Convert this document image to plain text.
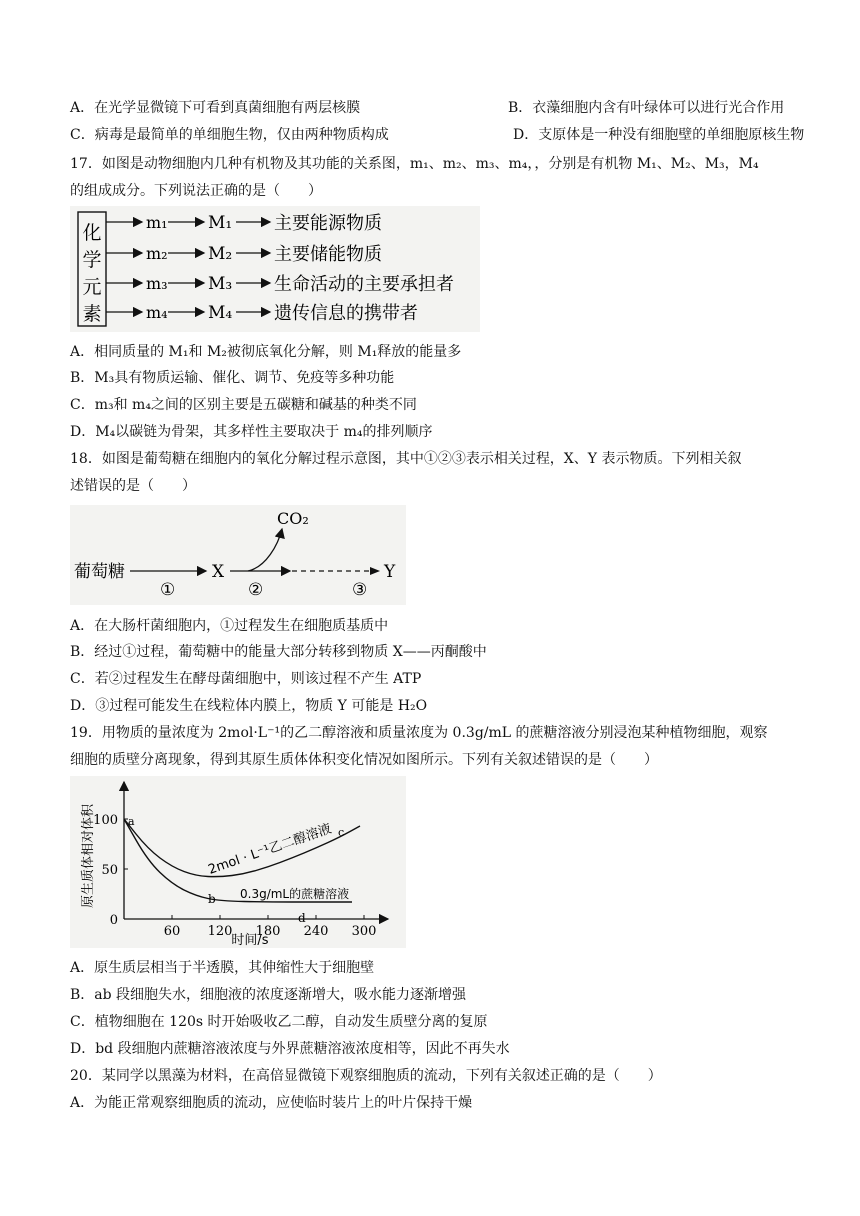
A．在光学显微镜下可看到真菌细胞有两层核膜	B．衣藻细胞内含有叶绿体可以进行光合作用
C．病毒是最简单的单细胞生物，仅由两种物质构成	D．支原体是一种没有细胞壁的单细胞原核生物
17．如图是动物细胞内几种有机物及其功能的关系图，m₁、m₂、m₃、m₄，，分别是有机物 M₁、M₂、M₃，M₄
的组成成分。下列说法正确的是（　　）
化
学
元
素
m₁ M₁ 主要能源物质
m₂ M₂ 主要储能物质
m₃ M₃ 生命活动的主要承担者
m₄ M₄ 遗传信息的携带者
A．相同质量的 M₁和 M₂被彻底氧化分解，则 M₁释放的能量多
B．M₃具有物质运输、催化、调节、免疫等多种功能
C．m₃和 m₄之间的区别主要是五碳糖和碱基的种类不同
D．M₄以碳链为骨架，其多样性主要取决于 m₄的排列顺序
18．如图是葡萄糖在细胞内的氧化分解过程示意图，其中①②③表示相关过程，X、Y 表示物质。下列相关叙
述错误的是（　　）
葡萄糖
①
X
CO₂
②	③
Y
A．在大肠杆菌细胞内，①过程发生在细胞质基质中
B．经过①过程，葡萄糖中的能量大部分转移到物质 X——丙酮酸中
C．若②过程发生在酵母菌细胞中，则该过程不产生 ATP
D．③过程可能发生在线粒体内膜上，物质 Y 可能是 H₂O
19．用物质的量浓度为 2mol·L⁻¹的乙二醇溶液和质量浓度为 0.3g/mL 的蔗糖溶液分别浸泡某种植物细胞，观察
细胞的质壁分离现象，得到其原生质体体积变化情况如图所示。下列有关叙述错误的是（　　）
原生质体相对体积
60 120 180 240 300
0
50
100
时间/s
a
b
c
d
2mol · L⁻¹乙二醇溶液
0.3g/mL的蔗糖溶液
A．原生质层相当于半透膜，其伸缩性大于细胞壁
B．ab 段细胞失水，细胞液的浓度逐渐增大，吸水能力逐渐增强
C．植物细胞在 120s 时开始吸收乙二醇，自动发生质壁分离的复原
D．bd 段细胞内蔗糖溶液浓度与外界蔗糖溶液浓度相等，因此不再失水
20．某同学以黑藻为材料，在高倍显微镜下观察细胞质的流动，下列有关叙述正确的是（　　）
A．为能正常观察细胞质的流动，应使临时装片上的叶片保持干燥
